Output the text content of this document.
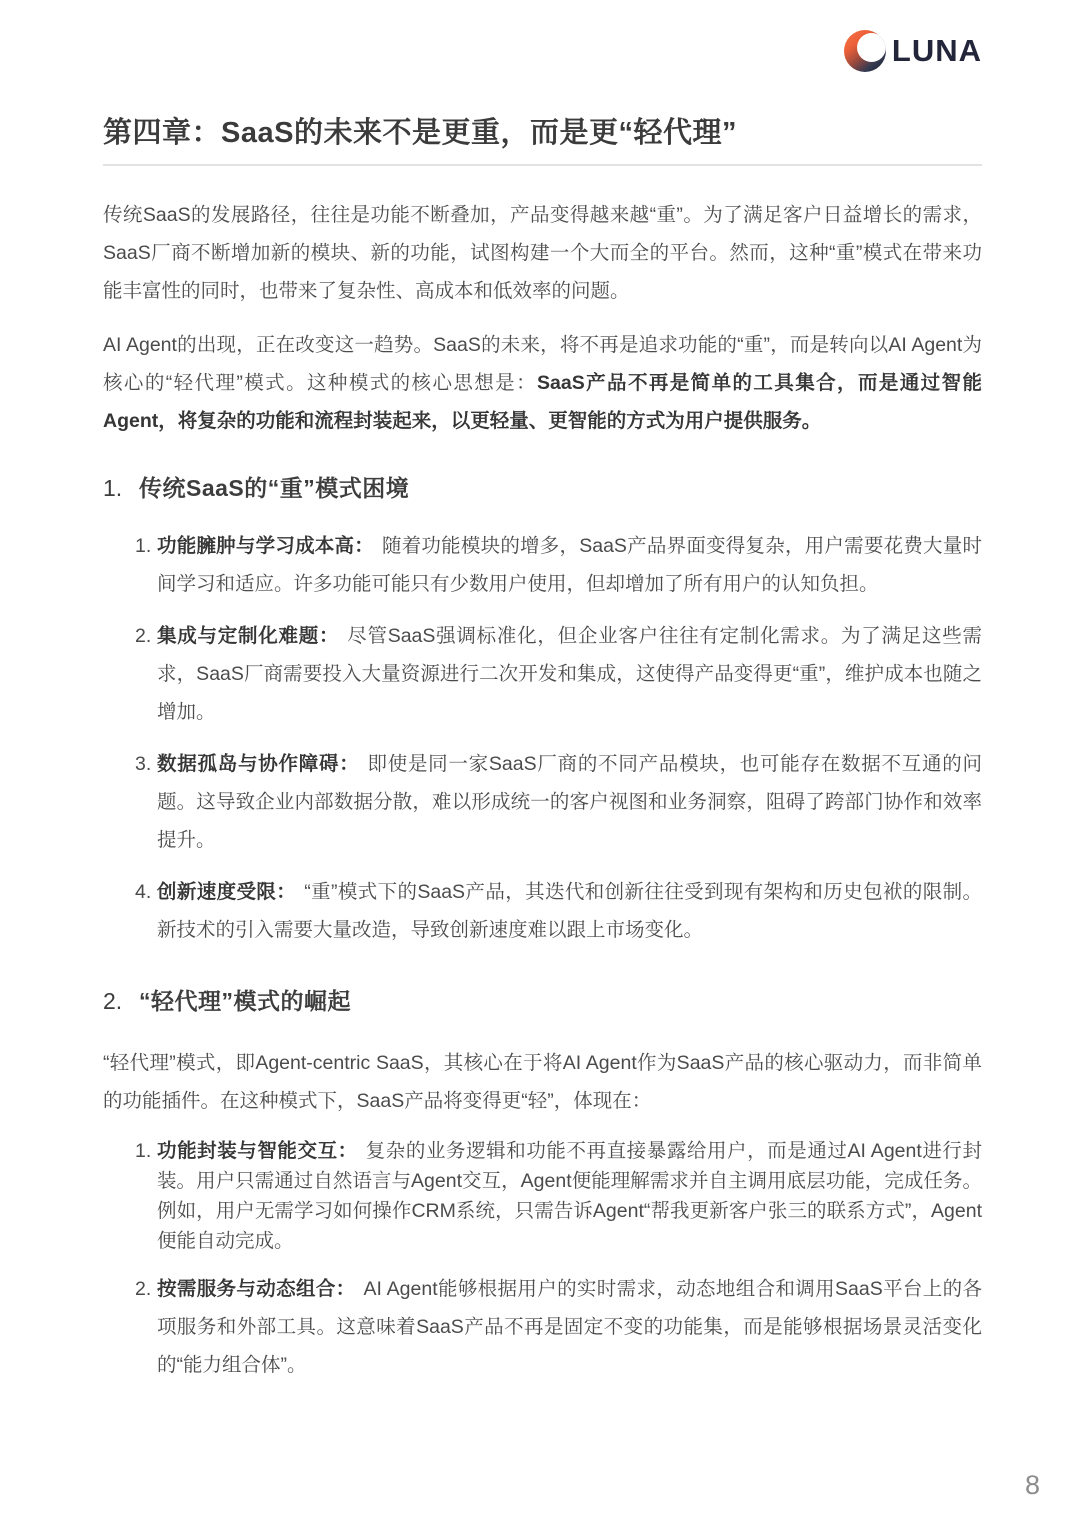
LUNA
第四章：SaaS的未来不是更重，而是更“轻代理”

传统SaaS的发展路径，往往是功能不断叠加，产品变得越来越“重”。为了满足客户日益增长的需求，SaaS厂商不断增加新的模块、新的功能，试图构建一个大而全的平台。然而，这种“重”模式在带来功能丰富性的同时，也带来了复杂性、高成本和低效率的问题。

AI Agent的出现，正在改变这一趋势。SaaS的未来，将不再是追求功能的“重”，而是转向以AI Agent为核心的“轻代理”模式。这种模式的核心思想是：SaaS产品不再是简单的工具集合，而是通过智能Agent，将复杂的功能和流程封装起来，以更轻量、更智能的方式为用户提供服务。

1. 传统SaaS的“重”模式困境
1. 功能臃肿与学习成本高： 随着功能模块的增多，SaaS产品界面变得复杂，用户需要花费大量时间学习和适应。许多功能可能只有少数用户使用，但却增加了所有用户的认知负担。
2. 集成与定制化难题： 尽管SaaS强调标准化，但企业客户往往有定制化需求。为了满足这些需求，SaaS厂商需要投入大量资源进行二次开发和集成，这使得产品变得更“重”，维护成本也随之增加。
3. 数据孤岛与协作障碍： 即使是同一家SaaS厂商的不同产品模块，也可能存在数据不互通的问题。这导致企业内部数据分散，难以形成统一的客户视图和业务洞察，阻碍了跨部门协作和效率提升。
4. 创新速度受限： “重”模式下的SaaS产品，其迭代和创新往往受到现有架构和历史包袱的限制。新技术的引入需要大量改造，导致创新速度难以跟上市场变化。
2. “轻代理”模式的崛起

“轻代理”模式，即Agent-centric SaaS，其核心在于将AI Agent作为SaaS产品的核心驱动力，而非简单的功能插件。在这种模式下，SaaS产品将变得更“轻”，体现在：

1. 功能封装与智能交互： 复杂的业务逻辑和功能不再直接暴露给用户，而是通过AI Agent进行封装。用户只需通过自然语言与Agent交互，Agent便能理解需求并自主调用底层功能，完成任务。例如，用户无需学习如何操作CRM系统，只需告诉Agent“帮我更新客户张三的联系方式”，Agent便能自动完成。
2. 按需服务与动态组合： AI Agent能够根据用户的实时需求，动态地组合和调用SaaS平台上的各项服务和外部工具。这意味着SaaS产品不再是固定不变的功能集，而是能够根据场景灵活变化的“能力组合体”。
8
